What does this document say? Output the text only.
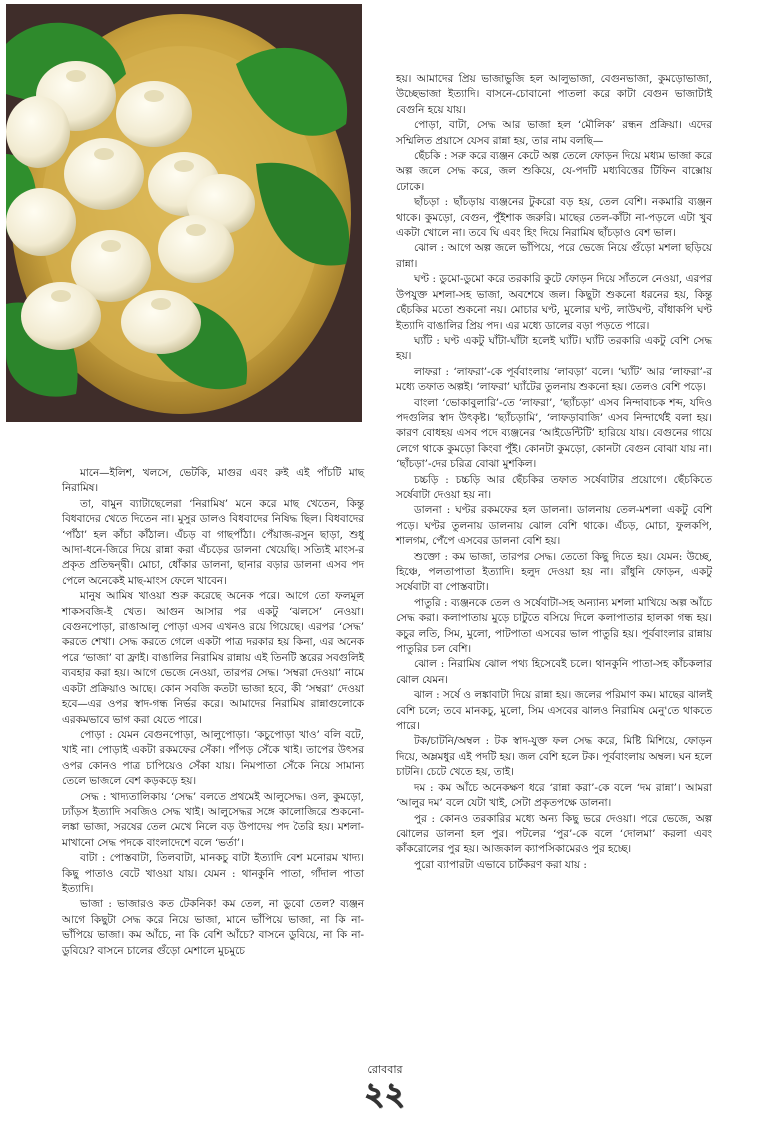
মানে—ইলিশ, খলসে, ভেটকি, মাগুর এবং রুই এই পাঁচটি মাছ নিরামিষ।

তা, বামুন ব্যাটাছেলেরা ‘নিরামিষ’ মনে করে মাছ খেতেন, কিন্তু বিধবাদের খেতে দিতেন না। মুসুর ডালও বিধবাদের নিষিদ্ধ ছিল। বিধবাদের ‘পাঁঠা’ হল কাঁচা কাঁঠাল। এঁচড় বা গাছপাঁঠা। পেঁয়াজ-রসুন ছাড়া, শুধু আদা-ধনে-জিরে দিয়ে রান্না করা এঁচড়ের ডালনা খেয়েছি। সত্যিই মাংস-র প্রকৃত প্রতিদ্বন্দ্বী। মোচা, ধোঁকার ডালনা, ছানার বড়ার ডালনা এসব পদ পেলে অনেকেই মাছ-মাংস ফেলে খাবেন।

মানুষ আমিষ খাওয়া শুরু করেছে অনেক পরে। আগে তো ফলমূল শাকসবজি-ই খেত। আগুন আসার পর একটু ‘ঝলসে’ নেওয়া। বেগুনপোড়া, রাঙাআলু পোড়া এসব এখনও রয়ে গিয়েছে। এরপর ‘সেদ্ধ’ করতে শেখা। সেদ্ধ করতে গেলে একটা পাত্র দরকার হয় কিনা, এর অনেক পরে ‘ভাজা’ বা ফ্রাই। বাঙালির নিরামিষ রান্নায় এই তিনটি স্তরের সবগুলিই ব্যবহার করা হয়। আগে ভেজে নেওয়া, তারপর সেদ্ধ। ‘সম্বরা দেওয়া’ নামে একটা প্রক্রিয়াও আছে। কোন সবজি কতটা ভাজা হবে, কী ‘সম্বরা’ দেওয়া হবে—এর ওপর স্বাদ-গন্ধ নির্ভর করে। আমাদের নিরামিষ রান্নাগুলোকে এরকমভাবে ভাগ করা যেতে পারে।

পোড়া : যেমন বেগুনপোড়া, আলুপোড়া। ‘কচুপোড়া খাও’ বলি বটে, খাই না। পোড়াই একটা রকমফের সেঁকা। পাঁপড় সেঁকে খাই। তাপের উৎসর ওপর কোনও পাত্র চাপিয়েও সেঁকা যায়। নিমপাতা সেঁকে নিয়ে সামান্য তেলে ভাজলে বেশ কড়কড়ে হয়।

সেদ্ধ : খাদ্যতালিকায় ‘সেদ্ধ’ বলতে প্রথমেই আলুসেদ্ধ। ওল, কুমড়ো, ঢ্যাঁড়স ইত্যাদি সবজিও সেদ্ধ খাই। আলুসেদ্ধর সঙ্গে কালোজিরে শুকনো-লঙ্কা ভাজা, সরষের তেল মেখে নিলে বড় উপাদেয় পদ তৈরি হয়। মশলা-মাখানো সেদ্ধ পদকে বাংলাদেশে বলে ‘ভর্তা’।

বাটা : পোস্তবাটা, তিলবাটা, মানকচু বাটা ইত্যাদি বেশ মনোরম খাদ্য। কিছু পাতাও বেটে খাওয়া যায়। যেমন : থানকুনি পাতা, গাঁদাল পাতা ইত্যাদি।

ভাজা : ভাজারও কত টেকনিক! কম তেল, না ডুবো তেল? ব্যঞ্জন আগে কিছুটা সেদ্ধ করে নিয়ে ভাজা, মানে ভাঁপিয়ে ভাজা, না কি না-ভাঁপিয়ে ভাজা। কম আঁচে, না কি বেশি আঁচে? বাসনে ডুবিয়ে, না কি না-ডুবিয়ে? বাসনে চালের গুঁড়ো মেশালে মুচমুচে

হয়। আমাদের প্রিয় ভাজাভুজি হল আলুভাজা, বেগুনভাজা, কুমড়োভাজা, উচ্ছেভাজা ইত্যাদি। বাসনে-চোবানো পাতলা করে কাটা বেগুন ভাজাটাই বেগুনি হয়ে যায়।

পোড়া, বাটা, সেদ্ধ আর ভাজা হল ‘মৌলিক’ রন্ধন প্রক্রিয়া। এদের সম্মিলিত প্রয়াসে যেসব রান্না হয়, তার নাম বলছি—

ছেঁচকি : সরু করে ব্যঞ্জন কেটে অল্প তেলে ফোড়ন দিয়ে মধ্যম ভাজা করে অল্প জলে সেদ্ধ করে, জল শুকিয়ে, যে-পদটি মধ্যবিত্তের টিফিন বাক্সোয় ঢোকে।

ছাঁচড়া : ছাঁচড়ায় ব্যঞ্জনের টুকরো বড় হয়, তেল বেশি। নকমারি ব্যঞ্জন থাকে। কুমড়ো, বেগুন, পুঁইশাক জরুরি। মাছের তেল-কাঁটা না-পড়লে এটা খুব একটা খোলে না। তবে ঘি এবং হিং দিয়ে নিরামিষ ছাঁচড়াও বেশ ভাল।

ঝোল : আগে অল্প জলে ভাঁপিয়ে, পরে ভেজে নিয়ে গুঁড়ো মশলা ছড়িয়ে রান্না।

ঘণ্ট : ডুমো-ডুমো করে তরকারি কুটে ফোড়ন দিয়ে সাঁতলে নেওয়া, এরপর উপযুক্ত মশলা-সহ ভাজা, অবশেষে জল। কিছুটা শুকনো ধরনের হয়, কিন্তু ছেঁচকির মতো শুকনো নয়। মোচার ঘণ্ট, মুলোর ঘণ্ট, লাউঘণ্ট, বাঁধাকপি ঘণ্ট ইত্যাদি বাঙালির প্রিয় পদ। এর মধ্যে ডালের বড়া পড়তে পারে।

ঘ্যাঁট : ঘণ্ট একটু ঘাঁটা-ঘাঁটা হলেই ঘ্যাঁট। ঘ্যাঁট তরকারি একটু বেশি সেদ্ধ হয়।

লাফরা : ‘লাফরা’-কে পূর্ববাংলায় ‘লাবড়া’ বলে। ‘ঘ্যাঁট’ আর ‘লাফরা’-র মধ্যে তফাত অল্পই। ‘লাফরা’ ঘ্যাঁটের তুলনায় শুকনো হয়। তেলও বেশি পড়ে।

বাংলা ‘ভোকাবুলারি’-তে ‘লাফরা’, ‘ছ্যাঁচড়া’ এসব নিন্দাবাচক শব্দ, যদিও পদগুলির স্বাদ উৎকৃষ্ট। ‘ছ্যাঁচড়ামি’, ‘লাফড়াবাজি’ এসব নিন্দার্থেই বলা হয়। কারণ বোধহয় এসব পদে ব্যঞ্জনের ‘আইডেন্টিটি’ হারিয়ে যায়। বেগুনের গায়ে লেগে থাকে কুমড়ো কিংবা পুঁই। কোনটা কুমড়ো, কোনটা বেগুন বোঝা যায় না। ‘ছাঁচড়া’-দের চরিত্র বোঝা মুশকিল।

চচ্চড়ি : চচ্চড়ি আর ছেঁচকির তফাত সর্ষেবাটার প্রয়োগে। ছেঁচকিতে সর্ষেবাটা দেওয়া হয় না।

ডালনা : ঘণ্টর রকমফের হল ডালনা। ডালনায় তেল-মশলা একটু বেশি পড়ে। ঘণ্টর তুলনায় ডালনায় ঝোল বেশি থাকে। এঁচড়, মোচা, ফুলকপি, শালগম, পেঁপে এসবের ডালনা বেশি হয়।

শুক্তো : কম ভাজা, তারপর সেদ্ধ। তেতো কিছু দিতে হয়। যেমন: উচ্ছে, হিঞ্চে, পলতাপাতা ইত্যাদি। হলুদ দেওয়া হয় না। রাঁধুনি ফোড়ন, একটু সর্ষেবাটা বা পোস্তবাটা।

পাতুরি : ব্যঞ্জনকে তেল ও সর্ষেবাটা-সহ অন্যান্য মশলা মাখিয়ে অল্প আঁচে সেদ্ধ করা। কলাপাতায় মুড়ে চাটুতে বসিয়ে দিলে কলাপাতার হালকা গন্ধ হয়। কচুর লতি, সিম, মুলো, পাটপাতা এসবের ভাল পাতুরি হয়। পূর্ববাংলার রান্নায় পাতুরির চল বেশি।

ঝোল : নিরামিষ ঝোল পথ্য হিসেবেই চলে। থানকুনি পাতা-সহ কাঁচকলার ঝোল যেমন।

ঝাল : সর্ষে ও লঙ্কাবাটা দিয়ে রান্না হয়। জলের পরিমাণ কম। মাছের ঝালই বেশি চলে; তবে মানকচু, মুলো, সিম এসবের ঝালও নিরামিষ মেনু'তে থাকতে পারে।

টক/চাটনি/অম্বল : টক স্বাদ-যুক্ত ফল সেদ্ধ করে, মিষ্টি মিশিয়ে, ফোড়ন দিয়ে, অম্লমধুর এই পদটি হয়। জল বেশি হলে টক। পূর্ববাংলায় অম্বল। ঘন হলে চাটনি। চেটে খেতে হয়, তাই।

দম : কম আঁচে অনেকক্ষণ ধরে ‘রান্না করা’-কে বলে ‘দম রান্না’। আমরা ‘আলুর দম’ বলে যেটা খাই, সেটা প্রকৃতপক্ষে ডালনা।

পুর : কোনও তরকারির মধ্যে অন্য কিছু ভরে দেওয়া। পরে ভেজে, অল্প ঝোলের ডালনা হল পুর। পটলের ‘পুর’-কে বলে ‘দোলমা’ করলা এবং কাঁকরোলের পুর হয়। আজকাল ক্যাপসিকামেরও পুর হচ্ছে।

পুরো ব্যাপারটা এভাবে চার্টকরণ করা যায় :

রোববার
২২
